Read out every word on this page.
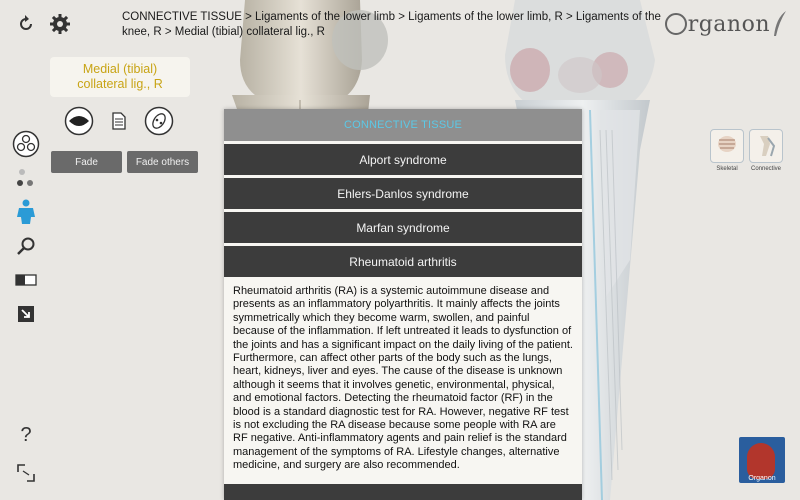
CONNECTIVE TISSUE > Ligaments of the lower limb > Ligaments of the lower limb, R > Ligaments of the knee, R > Medial (tibial) collateral lig., R	rganon
Medial (tibial)
collateral lig., R
Fade	Fade others
?
Skeletal	Connective
Organon
CONNECTIVE TISSUE
Alport syndrome
Ehlers-Danlos syndrome
Marfan syndrome
Rheumatoid arthritis
Rheumatoid arthritis (RA) is a systemic autoimmune disease and presents as an inflammatory polyarthritis. It mainly affects the joints symmetrically which they become warm, swollen, and painful because of the inflammation. If left untreated it leads to dysfunction of the joints and has a significant impact on the daily living of the patient. Furthermore, can affect other parts of the body such as the lungs, heart, kidneys, liver and eyes. The cause of the disease is unknown although it seems that it involves genetic, environmental, physical, and emotional factors. Detecting the rheumatoid factor (RF) in the blood is a standard diagnostic test for RA. However, negative RF test is not excluding the RA disease because some people with RA are RF negative. Anti-inflammatory agents and pain relief is the standard management of the symptoms of RA. Lifestyle changes, alternative medicine, and surgery are also recommended.
